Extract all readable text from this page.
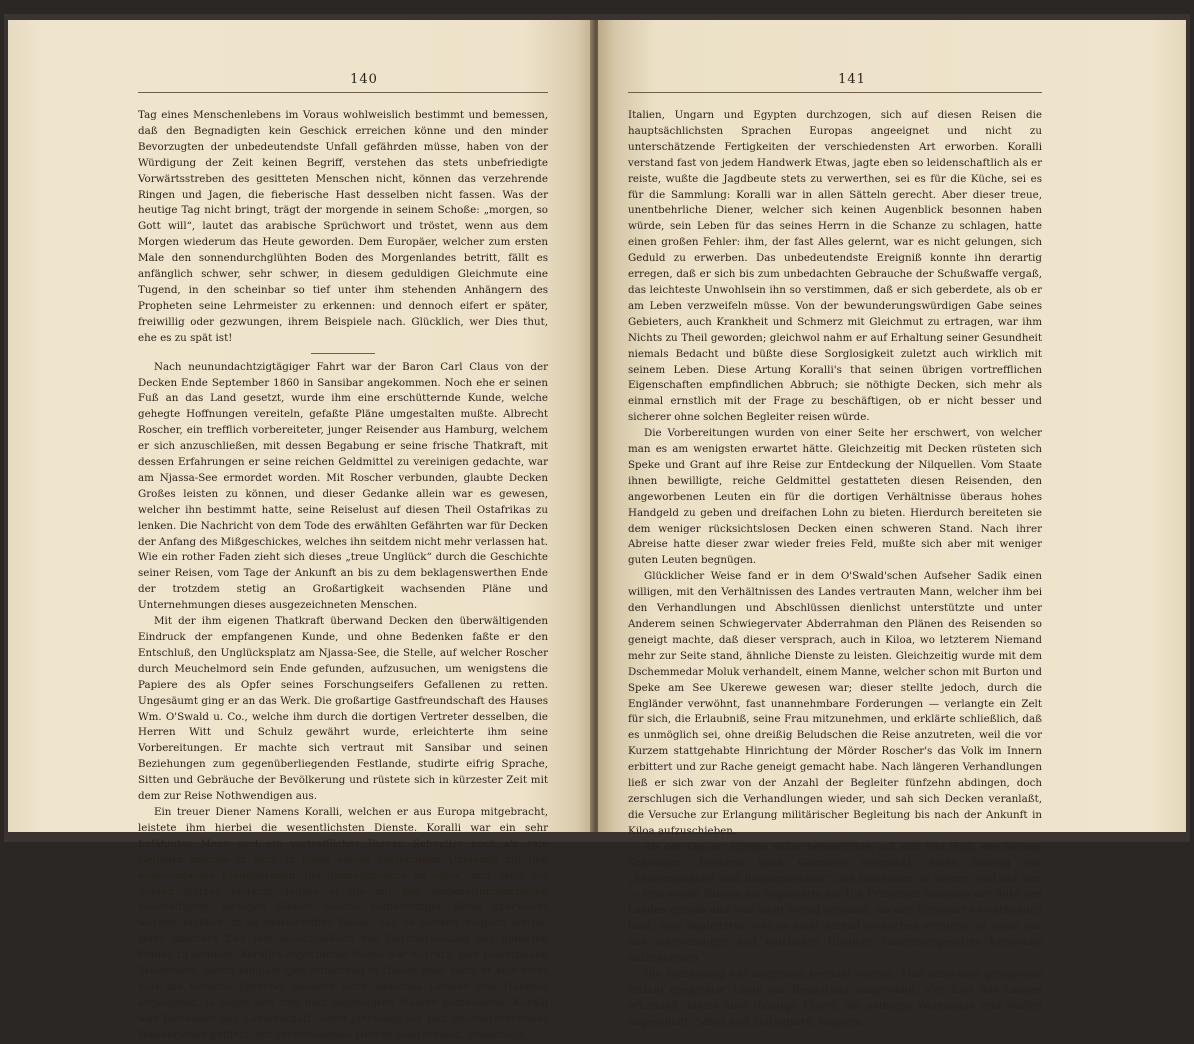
140

Tag eines Menschenlebens im Voraus wohlweislich bestimmt und bemessen, daß den Begnadigten kein Geschick erreichen könne und den minder Bevorzugten der unbedeutendste Unfall gefährden müsse, haben von der Würdigung der Zeit keinen Begriff, verstehen das stets unbefriedigte Vorwärtsstreben des gesitteten Menschen nicht, können das verzehrende Ringen und Jagen, die fieberische Hast desselben nicht fassen. Was der heutige Tag nicht bringt, trägt der morgende in seinem Schoße: „morgen, so Gott will“, lautet das arabische Sprüchwort und tröstet, wenn aus dem Morgen wiederum das Heute geworden. Dem Europäer, welcher zum ersten Male den sonnendurchglühten Boden des Morgenlandes betritt, fällt es anfänglich schwer, sehr schwer, in diesem geduldigen Gleichmute eine Tugend, in den scheinbar so tief unter ihm stehenden Anhängern des Propheten seine Lehrmeister zu erkennen: und dennoch eifert er später, freiwillig oder gezwungen, ihrem Beispiele nach. Glücklich, wer Dies thut, ehe es zu spät ist!

Nach neunundachtzigtägiger Fahrt war der Baron Carl Claus von der Decken Ende September 1860 in Sansibar angekommen. Noch ehe er seinen Fuß an das Land gesetzt, wurde ihm eine erschütternde Kunde, welche gehegte Hoffnungen vereiteln, gefaßte Pläne umgestalten mußte. Albrecht Roscher, ein trefflich vorbereiteter, junger Reisender aus Hamburg, welchem er sich anzuschließen, mit dessen Begabung er seine frische Thatkraft, mit dessen Erfahrungen er seine reichen Geldmittel zu vereinigen gedachte, war am Njassa-See ermordet worden. Mit Roscher verbunden, glaubte Decken Großes leisten zu können, und dieser Gedanke allein war es gewesen, welcher ihn bestimmt hatte, seine Reiselust auf diesen Theil Ostafrikas zu lenken. Die Nachricht von dem Tode des erwählten Gefährten war für Decken der Anfang des Mißgeschickes, welches ihn seitdem nicht mehr verlassen hat. Wie ein rother Faden zieht sich dieses „treue Unglück“ durch die Geschichte seiner Reisen, vom Tage der Ankunft an bis zu dem beklagenswerthen Ende der trotzdem stetig an Großartigkeit wachsenden Pläne und Unternehmungen dieses ausgezeichneten Menschen.

Mit der ihm eigenen Thatkraft überwand Decken den überwältigenden Eindruck der empfangenen Kunde, und ohne Bedenken faßte er den Entschluß, den Unglücksplatz am Njassa-See, die Stelle, auf welcher Roscher durch Meuchelmord sein Ende gefunden, aufzusuchen, um wenigstens die Papiere des als Opfer seines Forschungseifers Gefallenen zu retten. Ungesäumt ging er an das Werk. Die großartige Gastfreundschaft des Hauses Wm. O'Swald u. Co., welche ihm durch die dortigen Vertreter desselben, die Herren Witt und Schulz gewährt wurde, erleichterte ihm seine Vorbereitungen. Er machte sich vertraut mit Sansibar und seinen Beziehungen zum gegenüberliegenden Festlande, studirte eifrig Sprache, Sitten und Gebräuche der Bevölkerung und rüstete sich in kürzester Zeit mit dem zur Reise Nothwendigen aus.

Ein treuer Diener Namens Koralli, welchen er aus Europa mitgebracht, leistete ihm hierbei die wesentlichsten Dienste. Koralli war ein sehr befähigter Mann und ein vortrefflicher Diener. Schneller noch als sein Gebieter machte er sich, in Folge seines beständigen Umgangs mit den angeworbenen Eingeborenen, die Suahelisprache zu eigen, und, stets auf dessen Nutzen bedacht, leitete er die mit den Vorbereitungsarbeiten beschäftigten, farbigen Diener, welche nothwendiger Weise überwacht werden mußten, in so musterhafter Weise, daß es Decken möglich wurde, seine kostbare Zeit fast ausschließlich der Durcharbeitung des gefaßten Planes zu widmen. Koralli's eigentlicher Name war Korrath, sein Geburtsland Steiermark; durch langjährigen Aufenthalt in Italien aber hatte er sich nicht blos die welsche Sprache, sondern auch welsches Denken und Handeln angeeignet, ja sogar den ihm dort beigelegten Namen beibehalten. Koralli war Reisender aus Leidenschaft, hatte jahrelang ein fast ununterbrochenes Wanderleben geführt, mit verschiedenen Herren Deutschland, Frankreich,

141

Italien, Ungarn und Egypten durchzogen, sich auf diesen Reisen die hauptsächlichsten Sprachen Europas angeeignet und nicht zu unterschätzende Fertigkeiten der verschiedensten Art erworben. Koralli verstand fast von jedem Handwerk Etwas, jagte eben so leidenschaftlich als er reiste, wußte die Jagdbeute stets zu verwerthen, sei es für die Küche, sei es für die Sammlung: Koralli war in allen Sätteln gerecht. Aber dieser treue, unentbehrliche Diener, welcher sich keinen Augenblick besonnen haben würde, sein Leben für das seines Herrn in die Schanze zu schlagen, hatte einen großen Fehler: ihm, der fast Alles gelernt, war es nicht gelungen, sich Geduld zu erwerben. Das unbedeutendste Ereigniß konnte ihn derartig erregen, daß er sich bis zum unbedachten Gebrauche der Schußwaffe vergaß, das leichteste Unwohlsein ihn so verstimmen, daß er sich geberdete, als ob er am Leben verzweifeln müsse. Von der bewunderungswürdigen Gabe seines Gebieters, auch Krankheit und Schmerz mit Gleichmut zu ertragen, war ihm Nichts zu Theil geworden; gleichwol nahm er auf Erhaltung seiner Gesundheit niemals Bedacht und büßte diese Sorglosigkeit zuletzt auch wirklich mit seinem Leben. Diese Artung Koralli's that seinen übrigen vortrefflichen Eigenschaften empfindlichen Abbruch; sie nöthigte Decken, sich mehr als einmal ernstlich mit der Frage zu beschäftigen, ob er nicht besser und sicherer ohne solchen Begleiter reisen würde.

Die Vorbereitungen wurden von einer Seite her erschwert, von welcher man es am wenigsten erwartet hätte. Gleichzeitig mit Decken rüsteten sich Speke und Grant auf ihre Reise zur Entdeckung der Nilquellen. Vom Staate ihnen bewilligte, reiche Geldmittel gestatteten diesen Reisenden, den angeworbenen Leuten ein für die dortigen Verhältnisse überaus hohes Handgeld zu geben und dreifachen Lohn zu bieten. Hierdurch bereiteten sie dem weniger rücksichtslosen Decken einen schweren Stand. Nach ihrer Abreise hatte dieser zwar wieder freies Feld, mußte sich aber mit weniger guten Leuten begnügen.

Glücklicher Weise fand er in dem O'Swald'schen Aufseher Sadik einen willigen, mit den Verhältnissen des Landes vertrauten Mann, welcher ihm bei den Verhandlungen und Abschlüssen dienlichst unterstützte und unter Anderem seinen Schwiegervater Abderrahman den Plänen des Reisenden so geneigt machte, daß dieser versprach, auch in Kiloa, wo letzterem Niemand mehr zur Seite stand, ähnliche Dienste zu leisten. Gleichzeitig wurde mit dem Dschemmedar Moluk verhandelt, einem Manne, welcher schon mit Burton und Speke am See Ukerewe gewesen war; dieser stellte jedoch, durch die Engländer verwöhnt, fast unannehmbare Forderungen — verlangte ein Zelt für sich, die Erlaubniß, seine Frau mitzunehmen, und erklärte schließlich, daß es unmöglich sei, ohne dreißig Beludschen die Reise anzutreten, weil die vor Kurzem stattgehabte Hinrichtung der Mörder Roscher's das Volk im Innern erbittert und zur Rache geneigt gemacht habe. Nach längeren Verhandlungen ließ er sich zwar von der Anzahl der Begleiter fünfzehn abdingen, doch zerschlugen sich die Verhandlungen wieder, und sah sich Decken veranlaßt, die Versuche zur Erlangung militärischer Begleitung bis nach der Ankunft in Kiloa aufzuschieben.

Als der Tag der Abreise näher heranrückte, sah sich Bibi Holli, des Sultans Schwester, Deckens hohe Gönnerin veranlaßt, einen Beitrag zur „Annehmlichkeit und Bequemlichkeit“ des Reisenden zu liefern, und bot ihm — eine weiße Sklavin als Begleiterin an. Die Prinzessin handelte der Sitte des Landes gemäß und war nicht wenig erstaunt, als der Europäer es unthunlich fand, eine Begleiterin, welche nicht einmal zu kochen verstehe, in seine nur aus nothwendigen und nützlichen Gliedern zusammengesetzte Karawane aufzunehmen.

Die Ausrüstung war allgemach beendet worden. Man hatte eine genügende Anzahl geeigneter Leute zur Begleitung ausgewählt, vier Esel des Landes erhandelt, kleine aber tüchtige Thiere, die nöthigen Werkzeuge und Waffen angeschafft, Sättel und Sattelgurte, Koppeln,
